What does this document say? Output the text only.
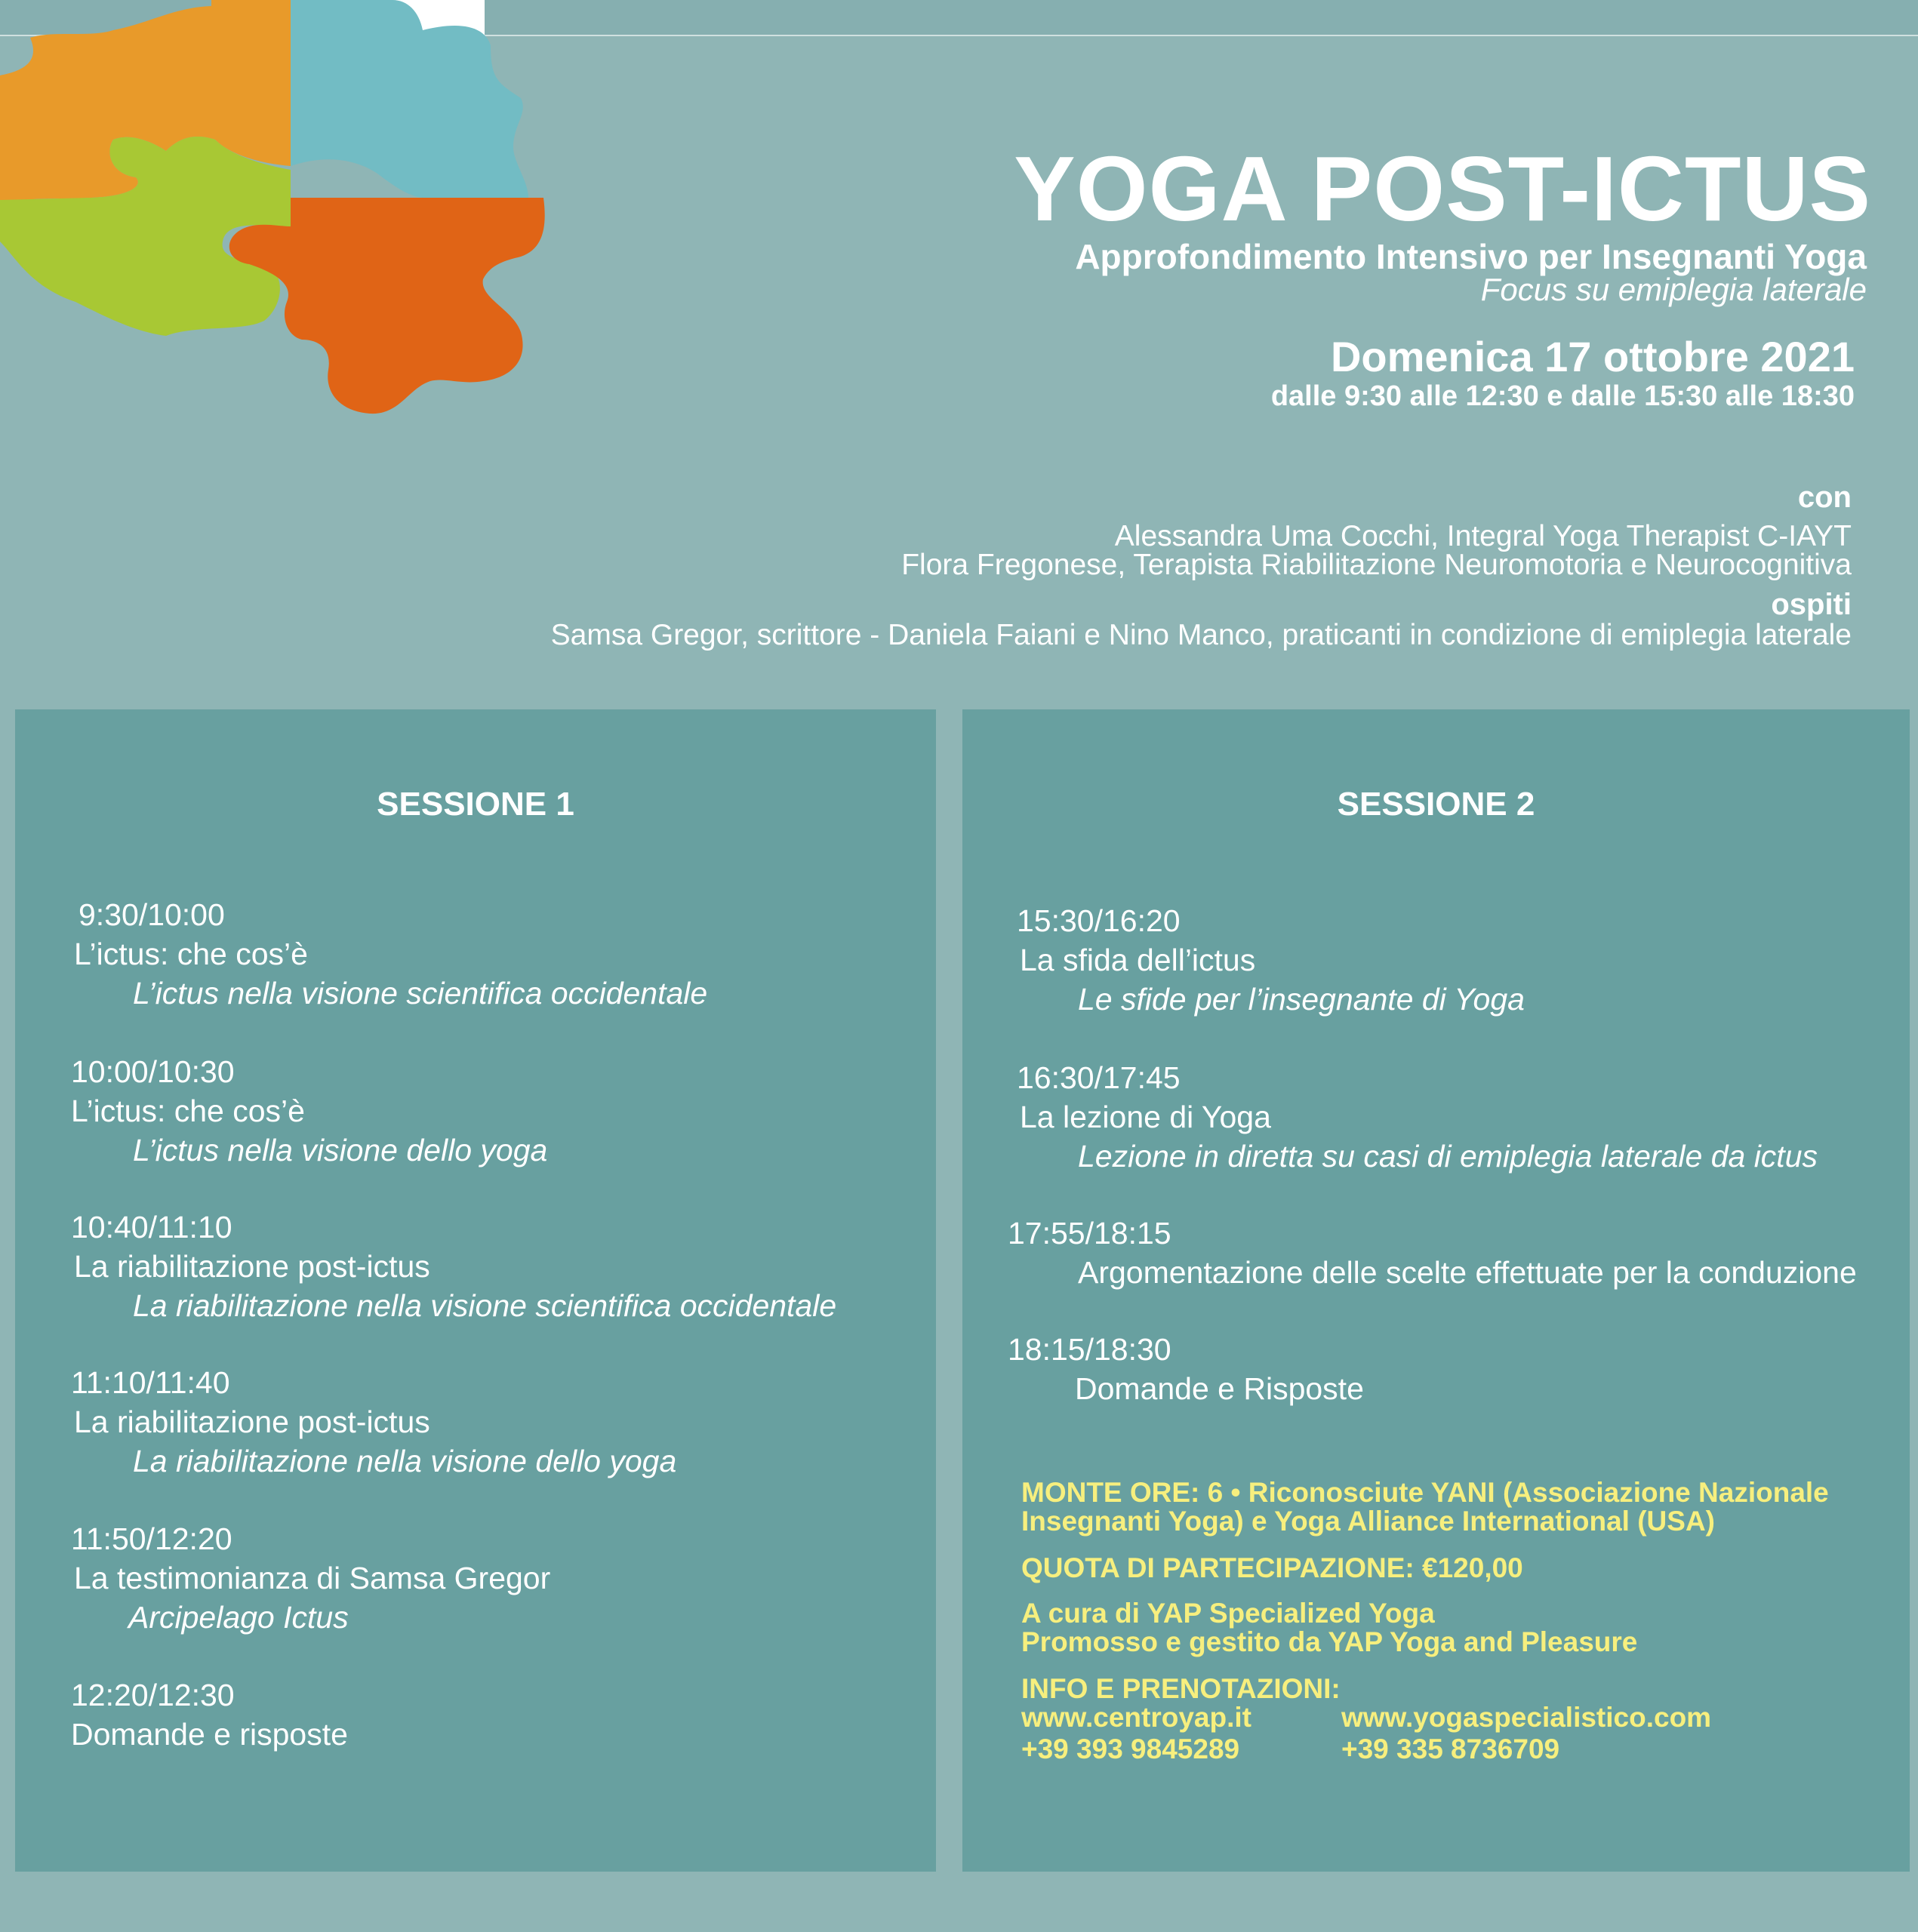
YOGA POST-ICTUS
Approfondimento Intensivo per Insegnanti Yoga
Focus su emiplegia laterale
Domenica 17 ottobre 2021
dalle 9:30 alle 12:30 e dalle 15:30 alle 18:30
con
Alessandra Uma Cocchi, Integral Yoga Therapist C-IAYT
Flora Fregonese, Terapista Riabilitazione Neuromotoria e Neurocognitiva
ospiti
Samsa Gregor, scrittore - Daniela Faiani e Nino Manco, praticanti in condizione di emiplegia laterale
SESSIONE 1
9:30/10:00
L’ictus: che cos’è
L’ictus nella visione scientifica occidentale
10:00/10:30
L’ictus: che cos’è
L’ictus nella visione dello yoga
10:40/11:10
La riabilitazione post-ictus
La riabilitazione nella visione scientifica occidentale
11:10/11:40
La riabilitazione post-ictus
La riabilitazione nella visione dello yoga
11:50/12:20
La testimonianza di Samsa Gregor
Arcipelago Ictus
12:20/12:30
Domande e risposte
SESSIONE 2
15:30/16:20
La sfida dell’ictus
Le sfide per l’insegnante di Yoga
16:30/17:45
La lezione di Yoga
Lezione in diretta su casi di emiplegia laterale da ictus
17:55/18:15
Argomentazione delle scelte effettuate per la conduzione
18:15/18:30
Domande e Risposte
MONTE ORE: 6 • Riconosciute YANI (Associazione Nazionale
Insegnanti Yoga) e Yoga Alliance International (USA)
QUOTA DI PARTECIPAZIONE: €120,00
A cura di YAP Specialized Yoga
Promosso e gestito da YAP Yoga and Pleasure
INFO E PRENOTAZIONI:
www.centroyap.it	www.yogaspecialistico.com
+39 393 9845289	+39 335 8736709
